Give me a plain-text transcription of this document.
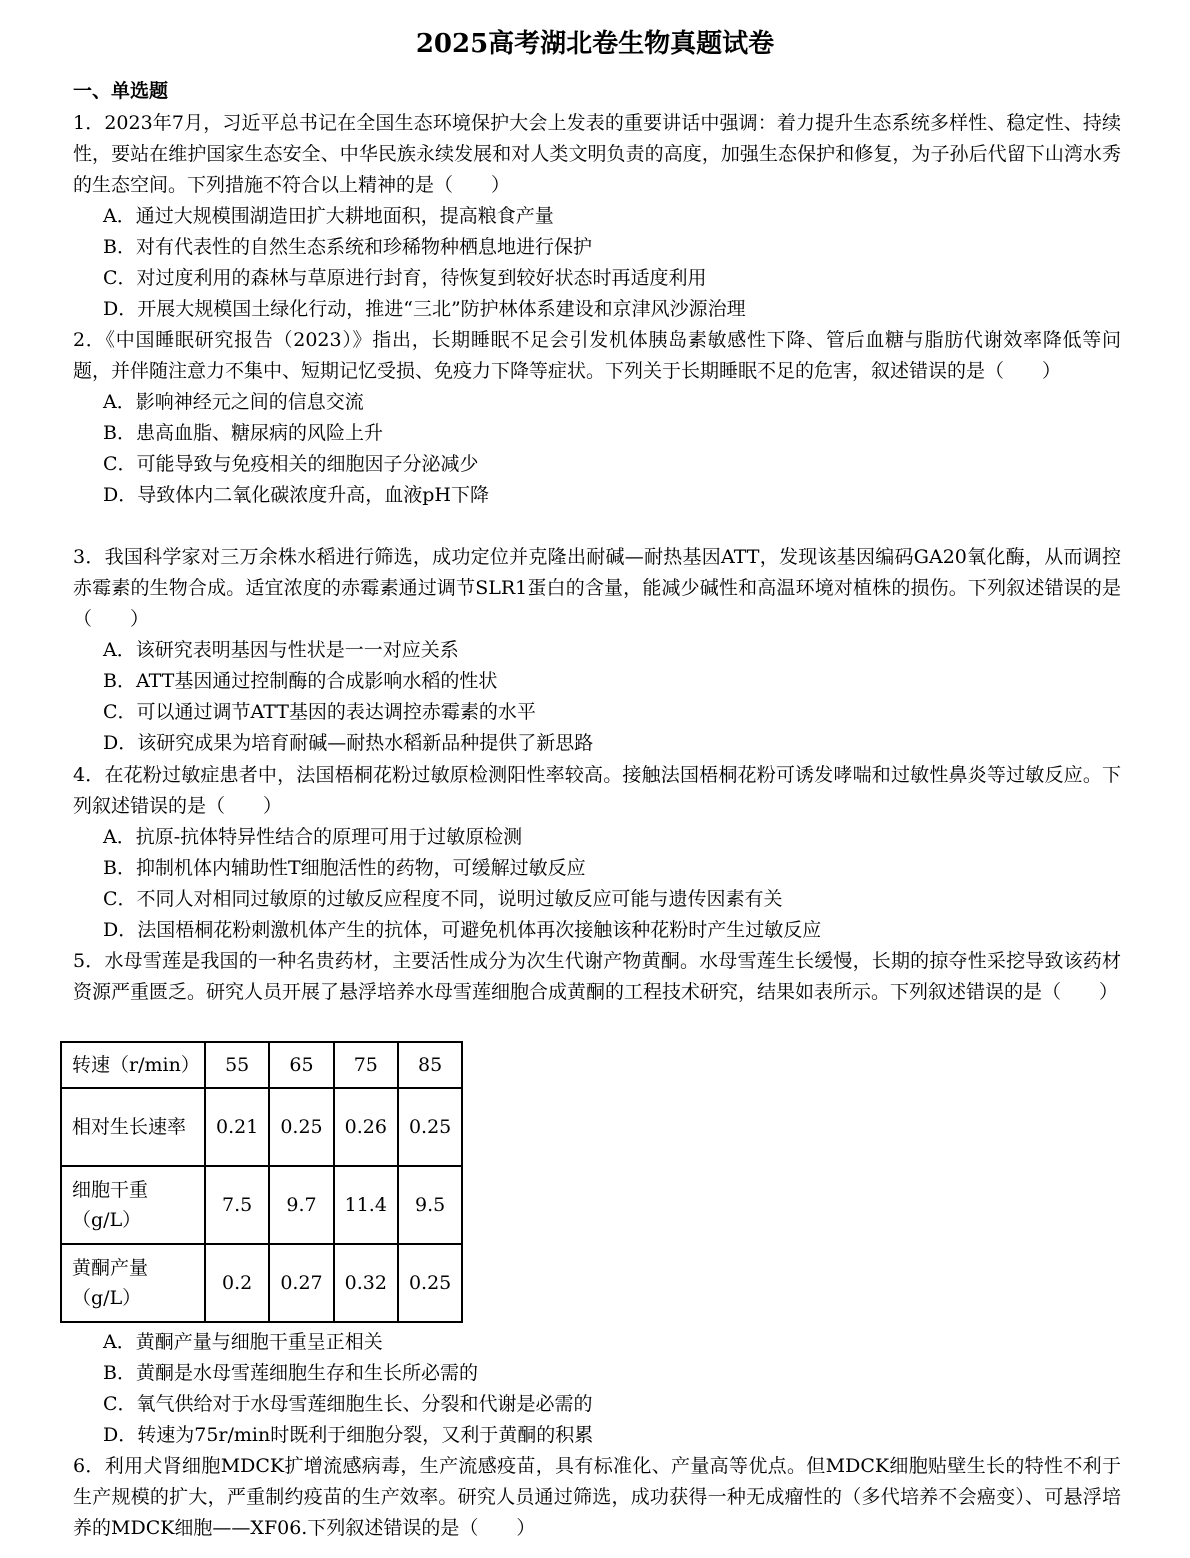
2025高考湖北卷生物真题试卷
一、单选题
1．2023年7月，习近平总书记在全国生态环境保护大会上发表的重要讲话中强调：着力提升生态系统多样性、稳定性、持续性，要站在维护国家生态安全、中华民族永续发展和对人类文明负责的高度，加强生态保护和修复，为子孙后代留下山湾水秀的生态空间。下列措施不符合以上精神的是（　　）
A．通过大规模围湖造田扩大耕地面积，提高粮食产量
B．对有代表性的自然生态系统和珍稀物种栖息地进行保护
C．对过度利用的森林与草原进行封育，待恢复到较好状态时再适度利用
D．开展大规模国土绿化行动，推进“三北”防护林体系建设和京津风沙源治理
2．《中国睡眠研究报告（2023）》指出，长期睡眠不足会引发机体胰岛素敏感性下降、管后血糖与脂肪代谢效率降低等问题，并伴随注意力不集中、短期记忆受损、免疫力下降等症状。下列关于长期睡眠不足的危害，叙述错误的是（　　）
A．影响神经元之间的信息交流
B．患高血脂、糖尿病的风险上升
C．可能导致与免疫相关的细胞因子分泌减少
D．导致体内二氧化碳浓度升高，血液pH下降
3．我国科学家对三万余株水稻进行筛选，成功定位并克隆出耐碱—耐热基因ATT，发现该基因编码GA20氧化酶，从而调控赤霉素的生物合成。适宜浓度的赤霉素通过调节SLR1蛋白的含量，能减少碱性和高温环境对植株的损伤。下列叙述错误的是（　　）
A．该研究表明基因与性状是一一对应关系
B．ATT基因通过控制酶的合成影响水稻的性状
C．可以通过调节ATT基因的表达调控赤霉素的水平
D．该研究成果为培育耐碱—耐热水稻新品种提供了新思路
4．在花粉过敏症患者中，法国梧桐花粉过敏原检测阳性率较高。接触法国梧桐花粉可诱发哮喘和过敏性鼻炎等过敏反应。下列叙述错误的是（　　）
A．抗原-抗体特异性结合的原理可用于过敏原检测
B．抑制机体内辅助性T细胞活性的药物，可缓解过敏反应
C．不同人对相同过敏原的过敏反应程度不同，说明过敏反应可能与遗传因素有关
D．法国梧桐花粉刺激机体产生的抗体，可避免机体再次接触该种花粉时产生过敏反应
5．水母雪莲是我国的一种名贵药材，主要活性成分为次生代谢产物黄酮。水母雪莲生长缓慢，长期的掠夺性采挖导致该药材资源严重匮乏。研究人员开展了悬浮培养水母雪莲细胞合成黄酮的工程技术研究，结果如表所示。下列叙述错误的是（　　）
转速（r/min）	55	65	75	85
相对生长速率	0.21	0.25	0.26	0.25
细胞干重（g/L）	7.5	9.7	11.4	9.5
黄酮产量（g/L）	0.2	0.27	0.32	0.25
A．黄酮产量与细胞干重呈正相关
B．黄酮是水母雪莲细胞生存和生长所必需的
C．氧气供给对于水母雪莲细胞生长、分裂和代谢是必需的
D．转速为75r/min时既利于细胞分裂，又利于黄酮的积累
6．利用犬肾细胞MDCK扩增流感病毒，生产流感疫苗，具有标准化、产量高等优点。但MDCK细胞贴壁生长的特性不利于生产规模的扩大，严重制约疫苗的生产效率。研究人员通过筛选，成功获得一种无成瘤性的（多代培养不会癌变）、可悬浮培养的MDCK细胞——XF06.下列叙述错误的是（　　）
